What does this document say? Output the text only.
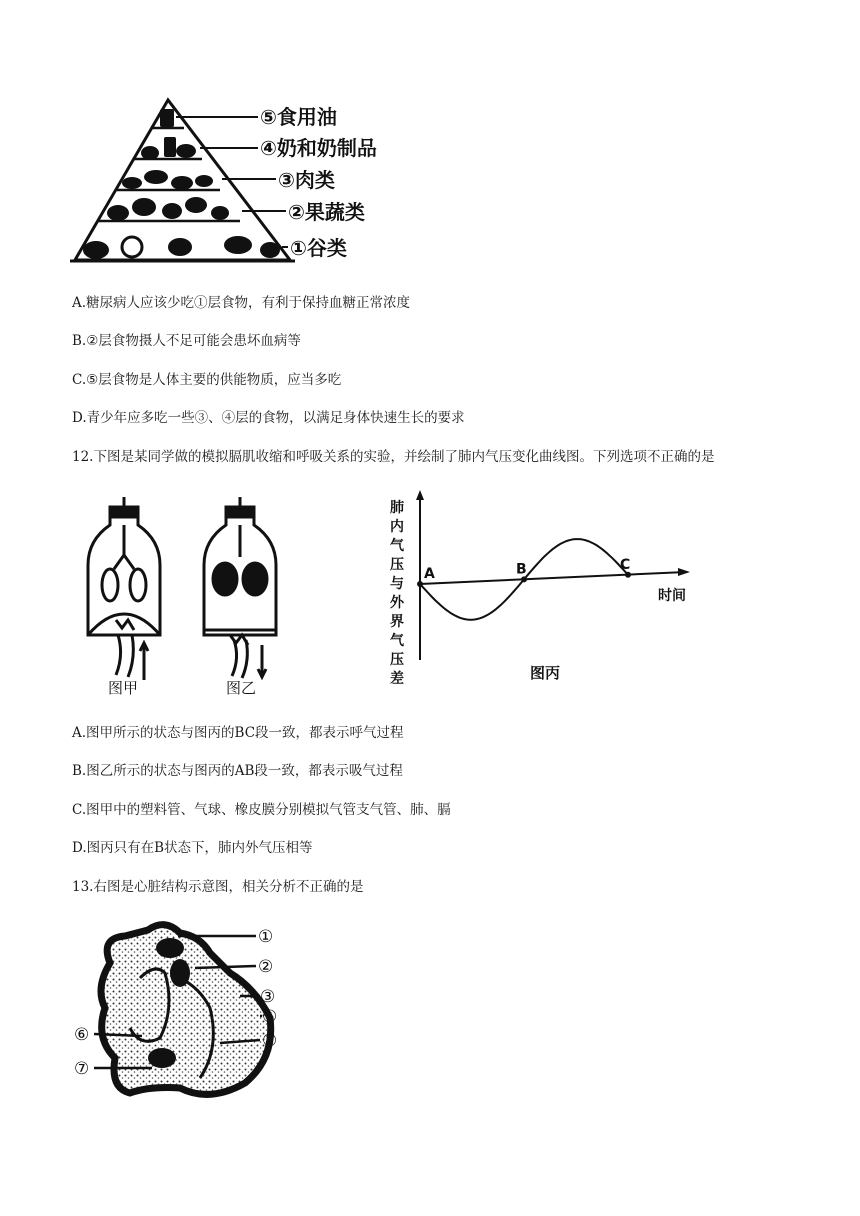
⑤食用油
④奶和奶制品
③肉类
②果蔬类
①谷类
A.糖尿病人应该少吃①层食物，有利于保持血糖正常浓度
B.②层食物摄人不足可能会患坏血病等
C.⑤层食物是人体主要的供能物质，应当多吃
D.青少年应多吃一些③、④层的食物，以满足身体快速生长的要求
12.下图是某同学做的模拟膈肌收缩和呼吸关系的实验，并绘制了肺内气压变化曲线图。下列选项不正确的是
图甲	图乙
肺内气压与外界气压差
时间
A	B	C
图丙
A.图甲所示的状态与图丙的BC段一致，都表示呼气过程
B.图乙所示的状态与图丙的AB段一致，都表示吸气过程
C.图甲中的塑料管、气球、橡皮膜分别模拟气管支气管、肺、膈
D.图丙只有在B状态下，肺内外气压相等
13.右图是心脏结构示意图，相关分析不正确的是
①
②
③
④
⑤
⑥
⑦
